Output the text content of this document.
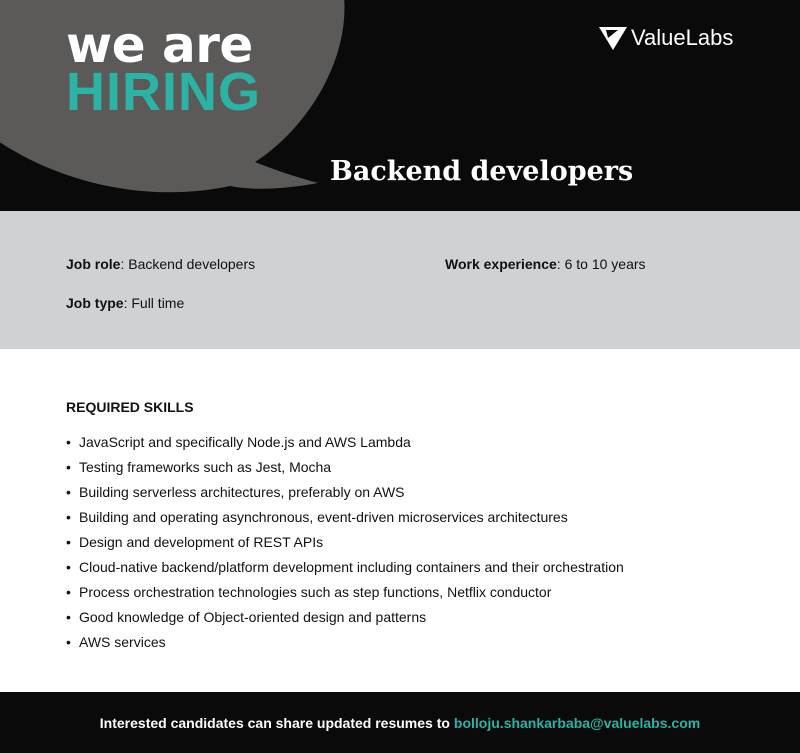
we are
HIRING
ValueLabs
Backend developers
Job role: Backend developers	Work experience: 6 to 10 years
Job type: Full time
REQUIRED SKILLS
• JavaScript and specifically Node.js and AWS Lambda
• Testing frameworks such as Jest, Mocha
• Building serverless architectures, preferably on AWS
• Building and operating asynchronous, event-driven microservices architectures
• Design and development of REST APIs
• Cloud-native backend/platform development including containers and their orchestration
• Process orchestration technologies such as step functions, Netflix conductor
• Good knowledge of Object-oriented design and patterns
• AWS services
Interested candidates can share updated resumes to bolloju.shankarbaba@valuelabs.com
